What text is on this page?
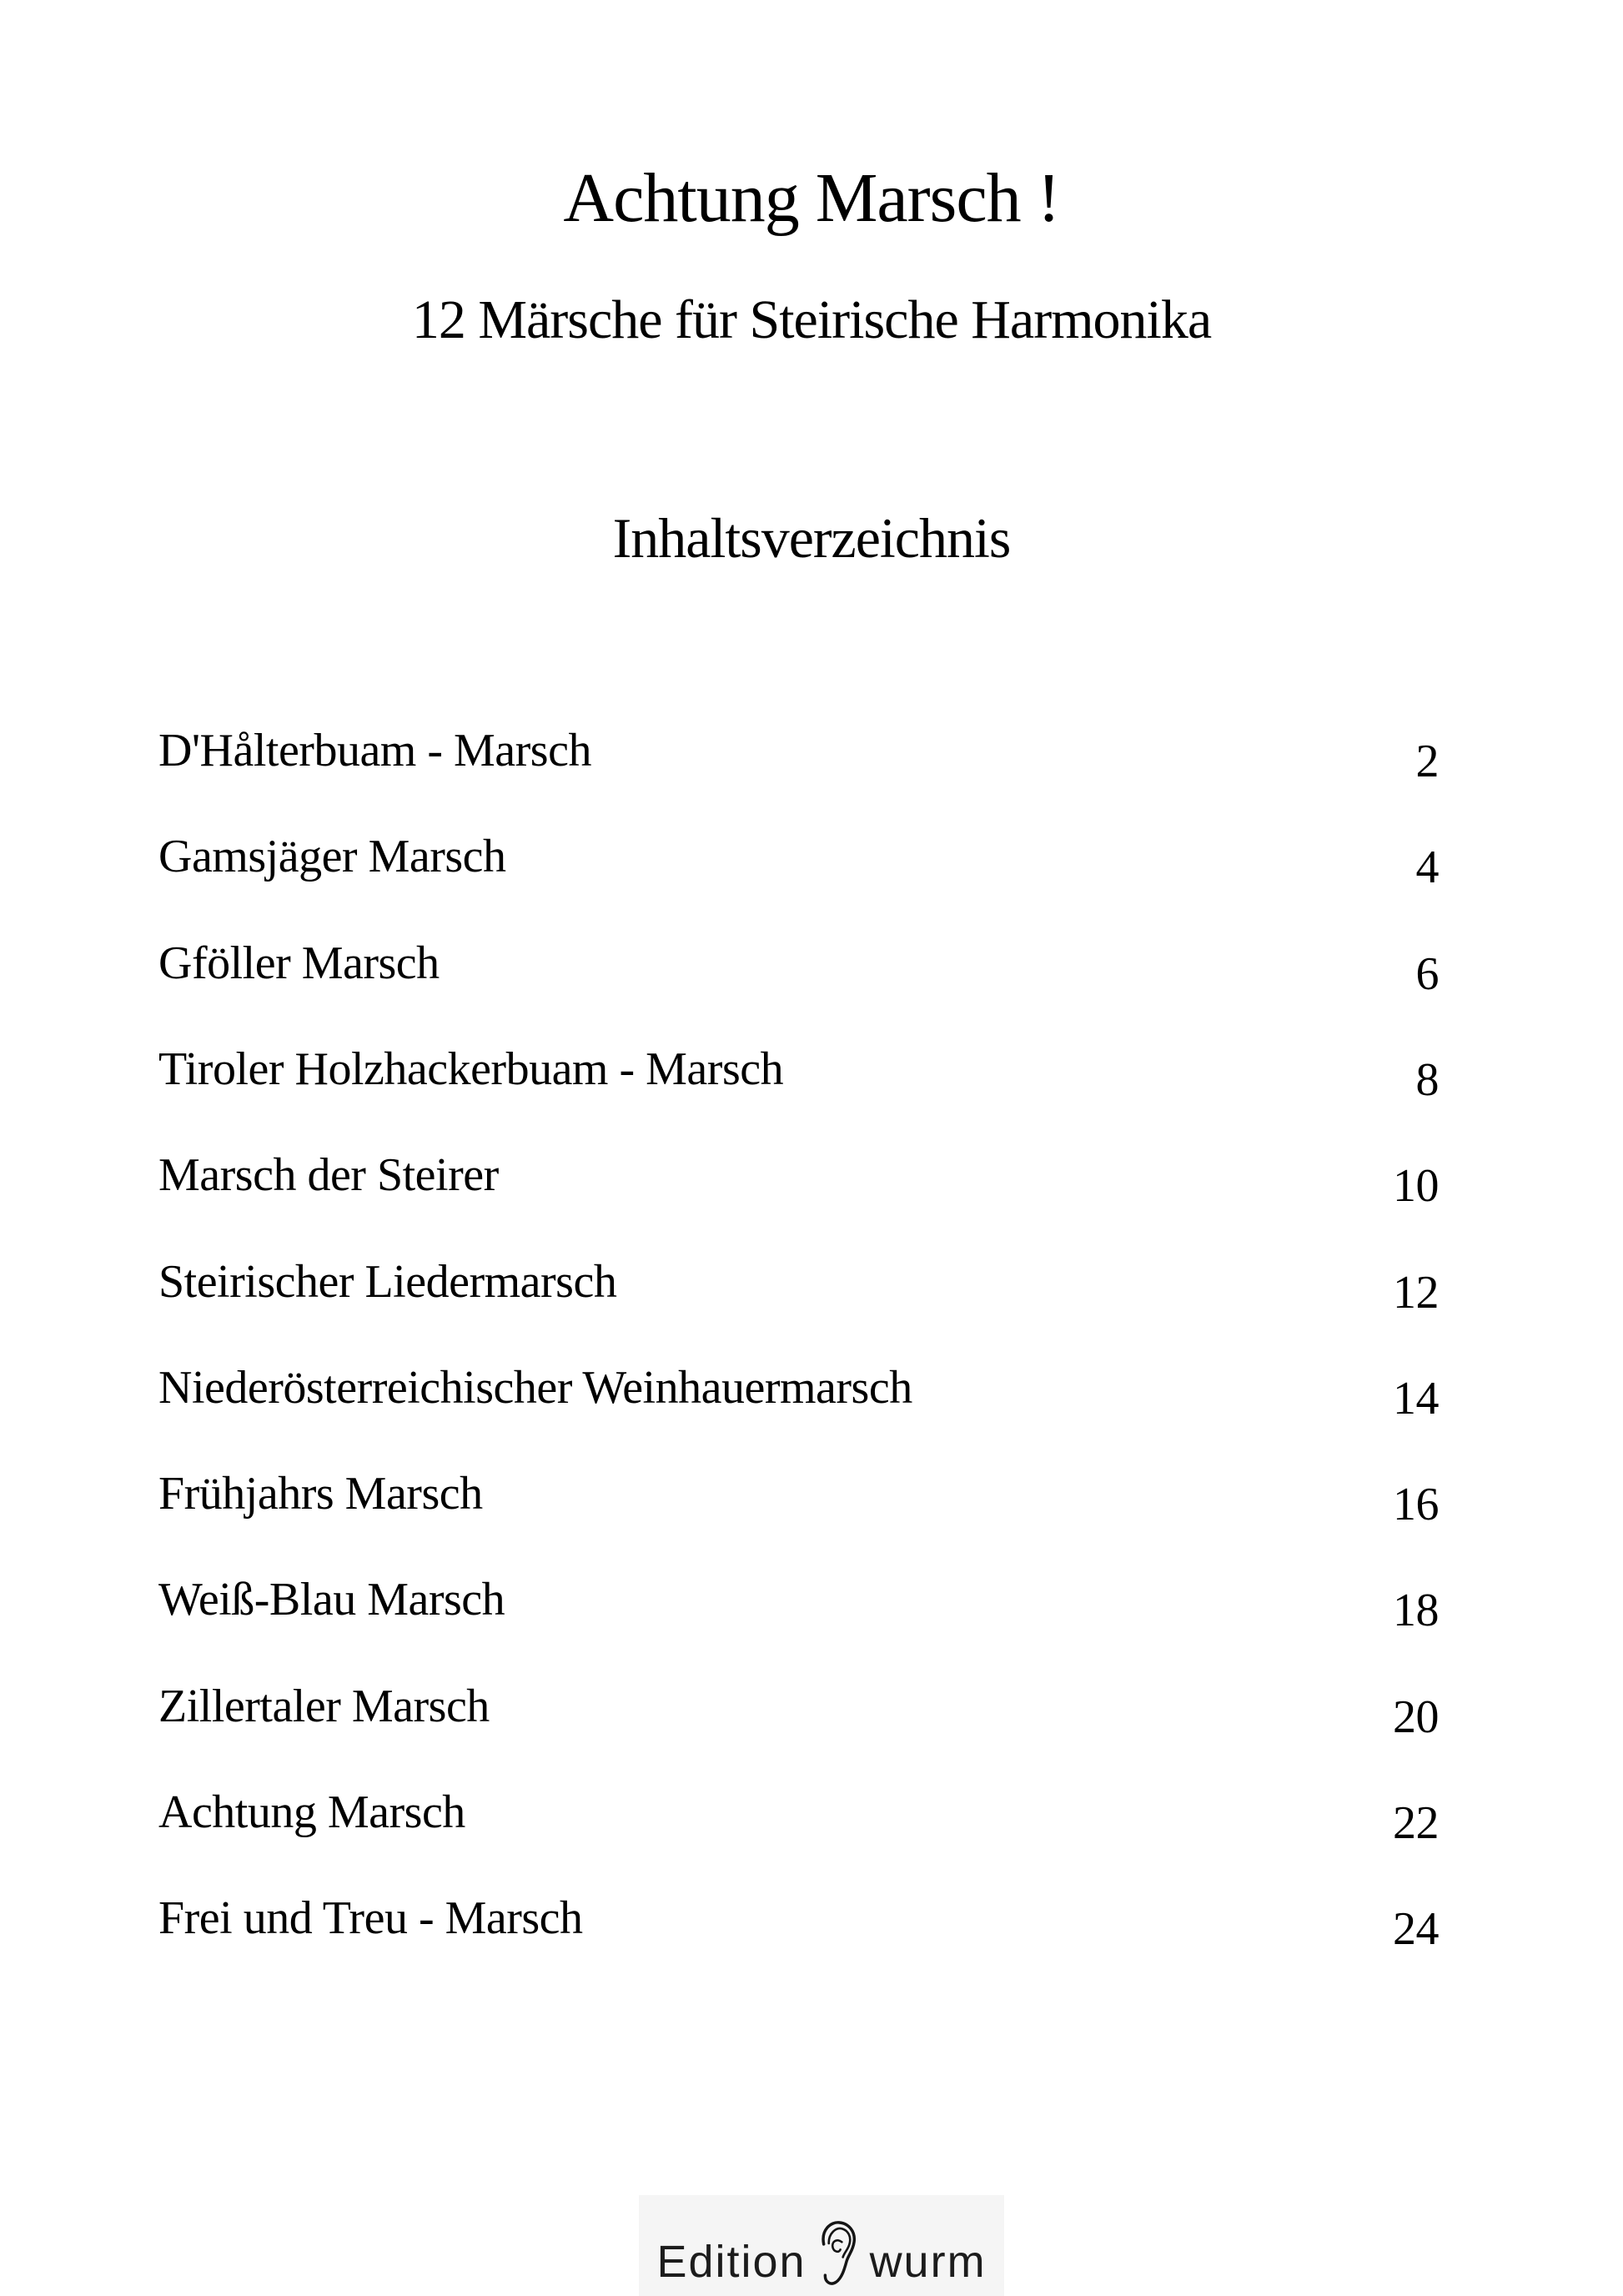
Achtung Marsch !
12 Märsche für Steirische Harmonika
Inhaltsverzeichnis
D'Hålterbuam - Marsch	2
Gamsjäger Marsch	4
Gföller Marsch	6
Tiroler Holzhackerbuam - Marsch	8
Marsch der Steirer	10
Steirischer Liedermarsch	12
Niederösterreichischer Weinhauermarsch	14
Frühjahrs Marsch	16
Weiß-Blau Marsch	18
Zillertaler Marsch	20
Achtung Marsch	22
Frei und Treu - Marsch	24
Edition wurm
